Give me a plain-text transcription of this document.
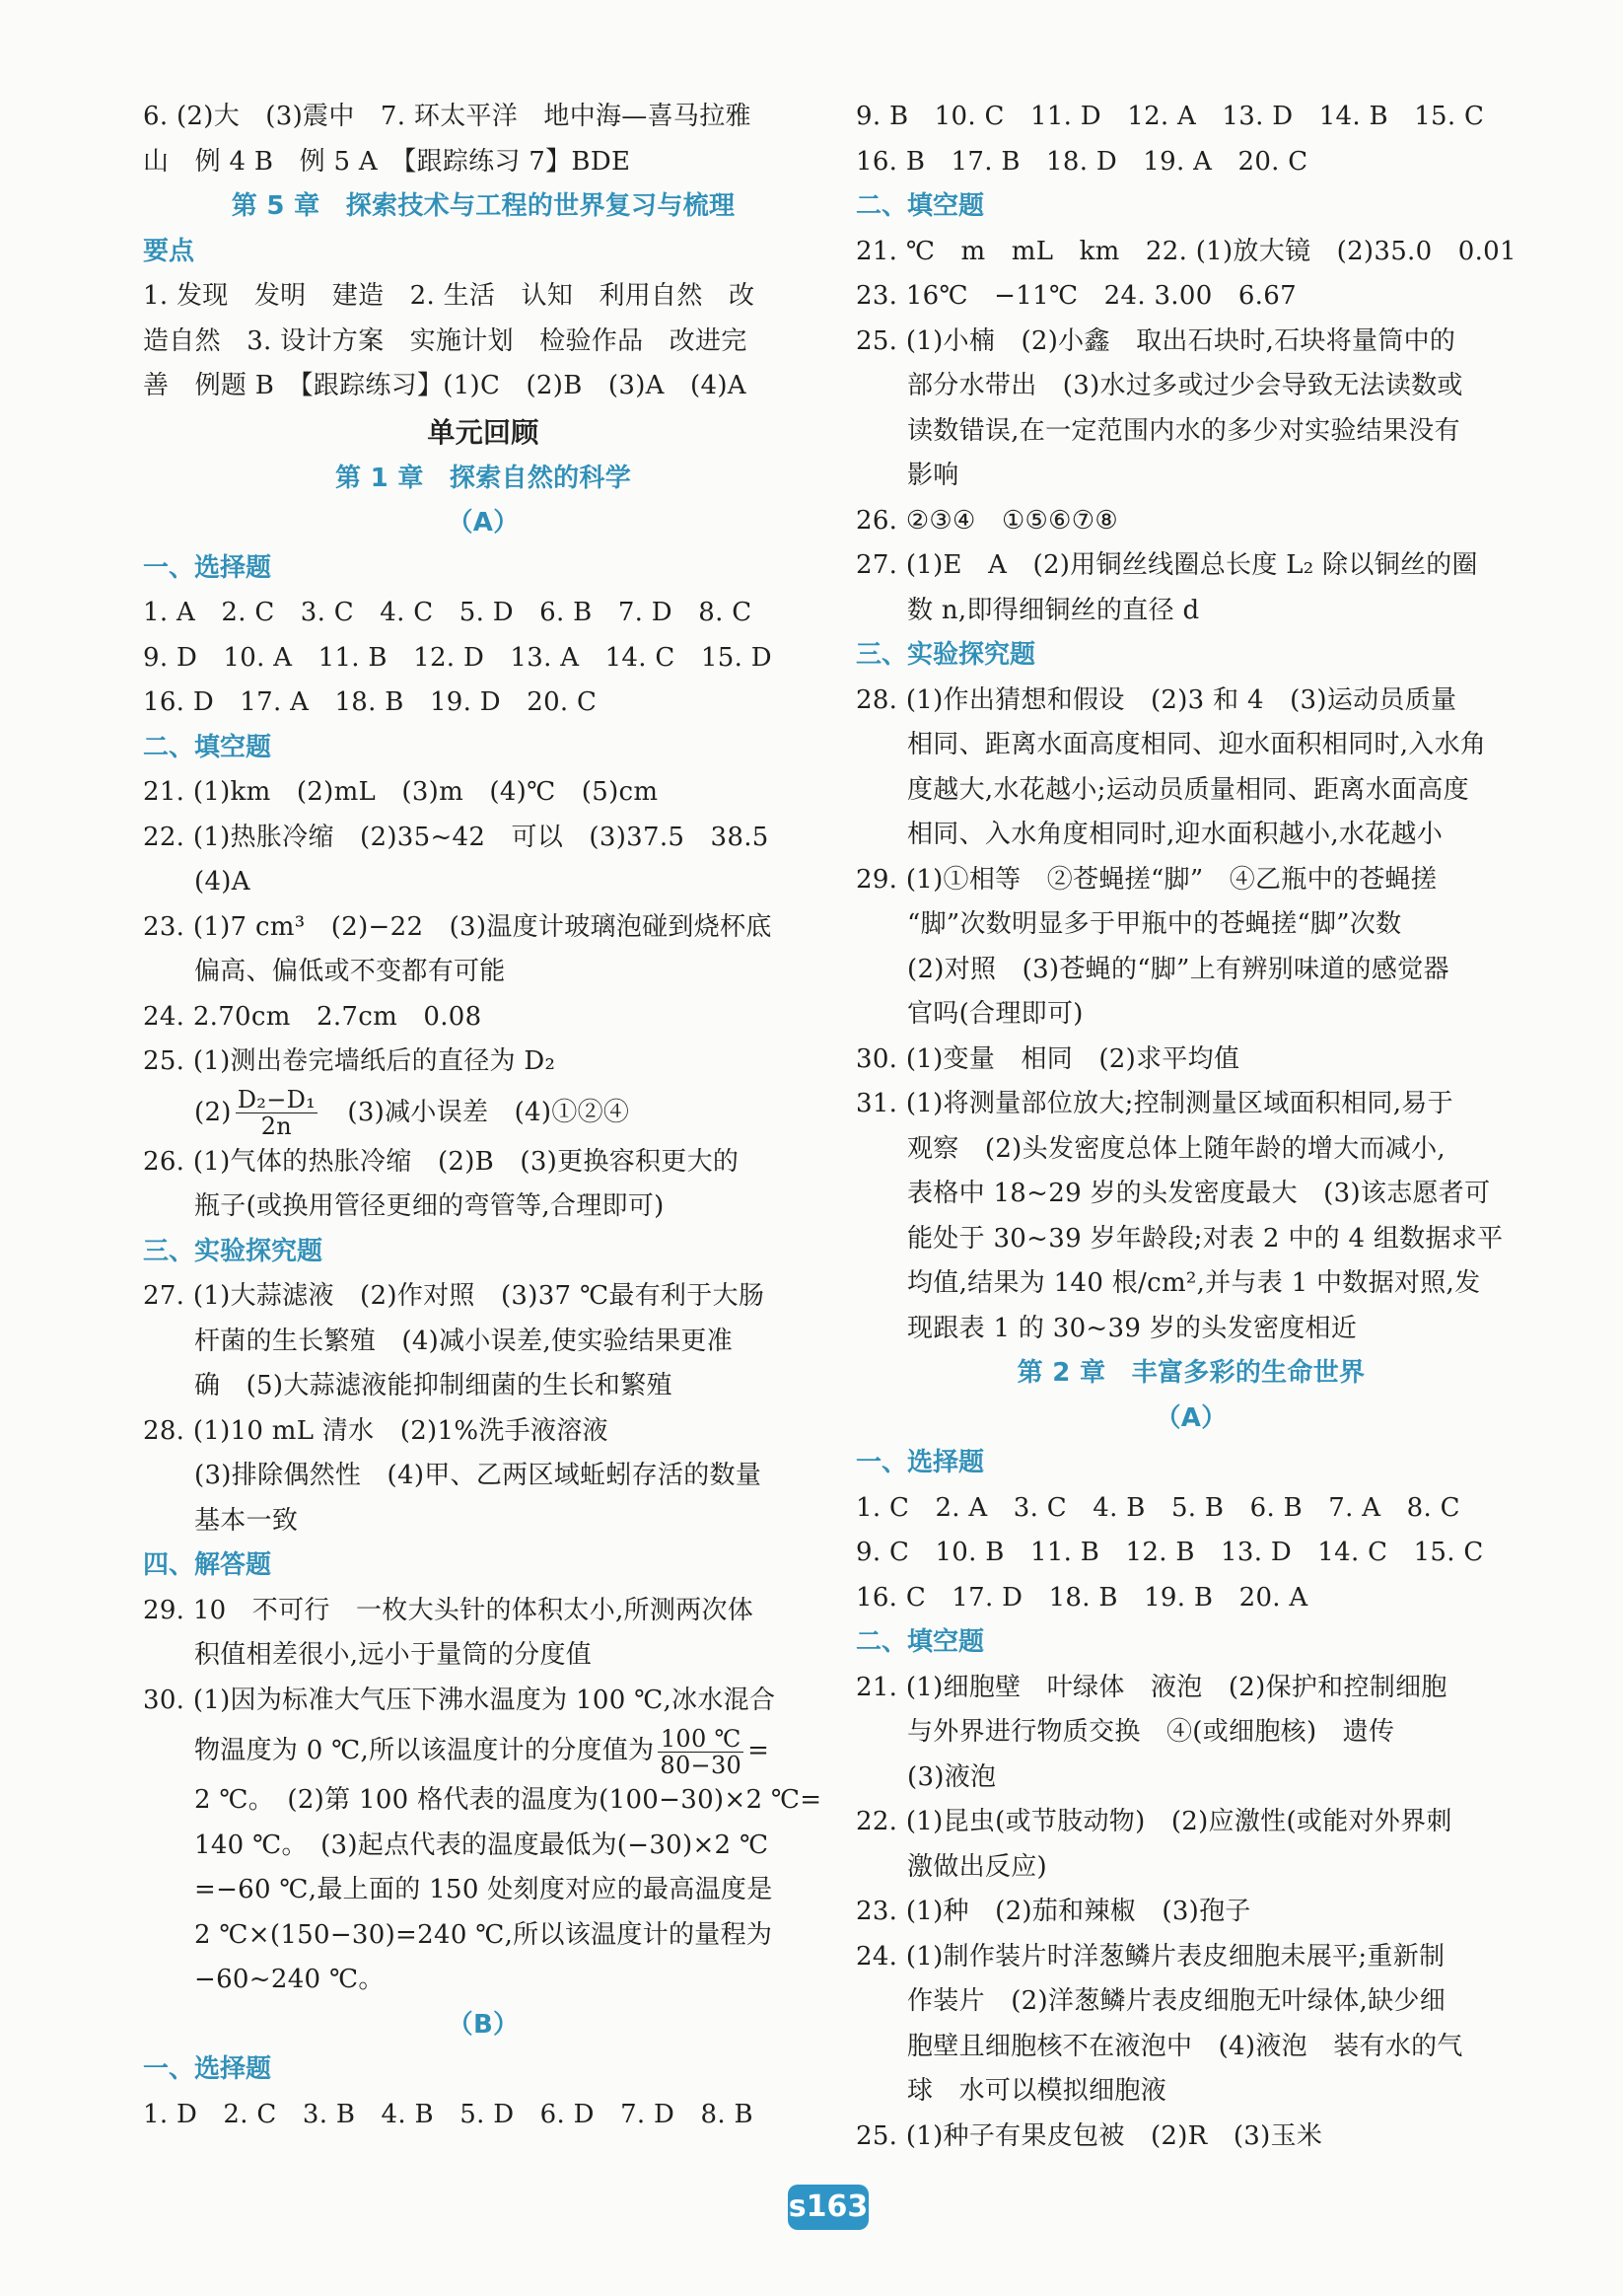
6. (2)大　(3)震中　7. 环太平洋　地中海—喜马拉雅
山　例 4 B　例 5 A　【跟踪练习 7】BDE
第 5 章　探索技术与工程的世界复习与梳理
要点
1. 发现　发明　建造　2. 生活　认知　利用自然　改
造自然　3. 设计方案　实施计划　检验作品　改进完
善　例题 B　【跟踪练习】(1)C　(2)B　(3)A　(4)A
单元回顾
第 1 章　探索自然的科学
（A）
一、选择题
1. A　2. C　3. C　4. C　5. D　6. B　7. D　8. C
9. D　10. A　11. B　12. D　13. A　14. C　15. D
16. D　17. A　18. B　19. D　20. C
二、填空题
21. (1)km　(2)mL　(3)m　(4)℃　(5)cm
22. (1)热胀冷缩　(2)35~42　可以　(3)37.5　38.5
(4)A
23. (1)7 cm³　(2)−22　(3)温度计玻璃泡碰到烧杯底
偏高、偏低或不变都有可能
24. 2.70cm　2.7cm　0.08
25. (1)测出卷完墙纸后的直径为 D₂
$(2) \frac{\text{D₂−D₁}}{2n}$ 　(3)减小误差　(4)①②④
26. (1)气体的热胀冷缩　(2)B　(3)更换容积更大的
瓶子(或换用管径更细的弯管等,合理即可)
三、实验探究题
27. (1)大蒜滤液　(2)作对照　(3)37 ℃最有利于大肠
杆菌的生长繁殖　(4)减小误差,使实验结果更准
确　(5)大蒜滤液能抑制细菌的生长和繁殖
28. (1)10 mL 清水　(2)1%洗手液溶液
(3)排除偶然性　(4)甲、乙两区域蚯蚓存活的数量
基本一致
四、解答题
29. 10　不可行　一枚大头针的体积太小,所测两次体
积值相差很小,远小于量筒的分度值
30. (1)因为标准大气压下沸水温度为 100 ℃,冰水混合
物温度为 0 ℃,所以该温度计的分度值为 $\frac{100 ℃}{80-30}$ =
2 ℃。　(2)第 100 格代表的温度为(100−30)×2 ℃=
140 ℃。　(3)起点代表的温度最低为(−30)×2 ℃
=−60 ℃,最上面的 150 处刻度对应的最高温度是
2 ℃×(150−30)=240 ℃,所以该温度计的量程为
−60~240 ℃。
（B）
一、选择题
1. D　2. C　3. B　4. B　5. D　6. D　7. D　8. B
9. B　10. C　11. D　12. A　13. D　14. B　15. C
16. B　17. B　18. D　19. A　20. C
二、填空题
21. ℃　m　mL　km　22. (1)放大镜　(2)35.0　0.01
23. 16℃　−11℃　24. 3.00　6.67
25. (1)小楠　(2)小鑫　取出石块时,石块将量筒中的
部分水带出　(3)水过多或过少会导致无法读数或
读数错误,在一定范围内水的多少对实验结果没有
影响
26. ②③④　①⑤⑥⑦⑧
27. (1)E　A　(2)用铜丝线圈总长度 L₂ 除以铜丝的圈
数 n,即得细铜丝的直径 d
三、实验探究题
28. (1)作出猜想和假设　(2)3 和 4　(3)运动员质量
相同、距离水面高度相同、迎水面积相同时,入水角
度越大,水花越小;运动员质量相同、距离水面高度
相同、入水角度相同时,迎水面积越小,水花越小
29. (1)①相等　②苍蝇搓“脚”　④乙瓶中的苍蝇搓
“脚”次数明显多于甲瓶中的苍蝇搓“脚”次数
(2)对照　(3)苍蝇的“脚”上有辨别味道的感觉器
官吗(合理即可)
30. (1)变量　相同　(2)求平均值
31. (1)将测量部位放大;控制测量区域面积相同,易于
观察　(2)头发密度总体上随年龄的增大而减小,
表格中 18~29 岁的头发密度最大　(3)该志愿者可
能处于 30~39 岁年龄段;对表 2 中的 4 组数据求平
均值,结果为 140 根/cm²,并与表 1 中数据对照,发
现跟表 1 的 30~39 岁的头发密度相近
第 2 章　丰富多彩的生命世界
（A）
一、选择题
1. C　2. A　3. C　4. B　5. B　6. B　7. A　8. C
9. C　10. B　11. B　12. B　13. D　14. C　15. C
16. C　17. D　18. B　19. B　20. A
二、填空题
21. (1)细胞壁　叶绿体　液泡　(2)保护和控制细胞
与外界进行物质交换　④(或细胞核)　遗传
(3)液泡
22. (1)昆虫(或节肢动物)　(2)应激性(或能对外界刺
激做出反应)
23. (1)种　(2)茄和辣椒　(3)孢子
24. (1)制作装片时洋葱鳞片表皮细胞未展平;重新制
作装片　(2)洋葱鳞片表皮细胞无叶绿体,缺少细
胞壁且细胞核不在液泡中　(4)液泡　装有水的气
球　水可以模拟细胞液
25. (1)种子有果皮包被　(2)R　(3)玉米
s163
